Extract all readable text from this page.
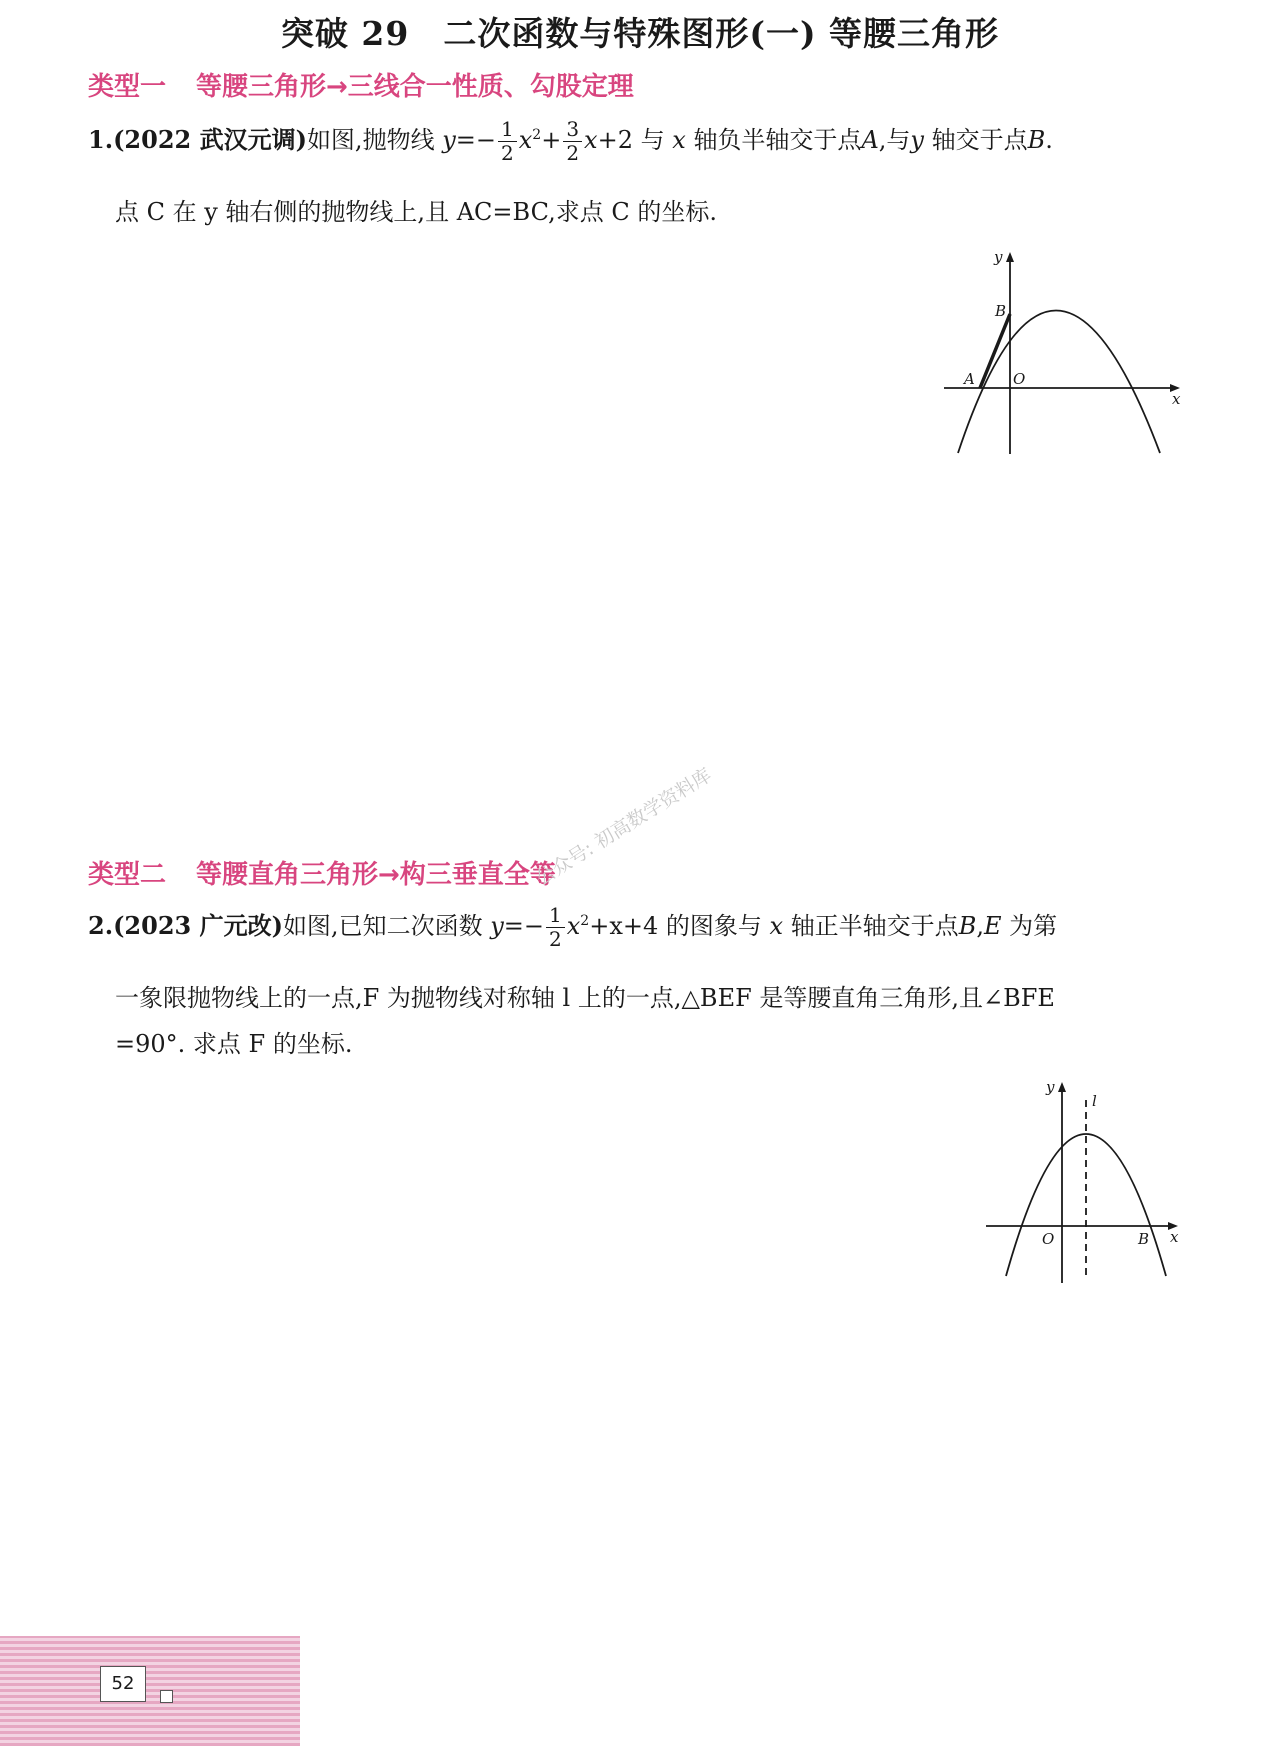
突破 29　二次函数与特殊图形(一) 等腰三角形
类型一 等腰三角形→三线合一性质、勾股定理
1.(2022 武汉元调)如图,抛物线 $y=- \frac{1}{2} x^2+ \frac{3}{2} x+2$ 与 x 轴负半轴交于点A,与y 轴交于点B.
点 C 在 y 轴右侧的抛物线上,且 AC=BC,求点 C 的坐标.
y
x
B
A	O
类型二 等腰直角三角形→构三垂直全等
公众号: 初高数学资料库
2.(2023 广元改)如图,已知二次函数 $y=- \frac{1}{2} x^2+x+4$ 的图象与 x 轴正半轴交于点B,E 为第
一象限抛物线上的一点,F 为抛物线对称轴 l 上的一点,△BEF 是等腰直角三角形,且∠BFE
=90°. 求点 F 的坐标.
y
l
O	B x
52
